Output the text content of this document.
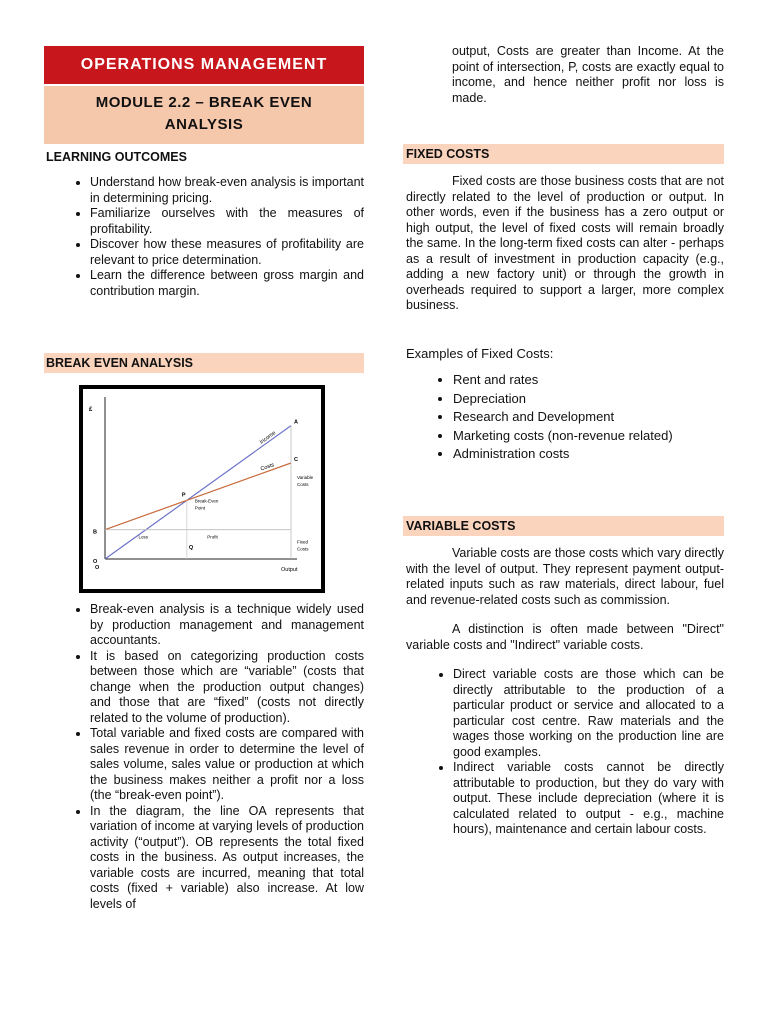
OPERATIONS MANAGEMENT
MODULE 2.2 – BREAK EVEN
ANALYSIS
LEARNING OUTCOMES
• Understand how break-even analysis is important in determining pricing.
• Familiarize ourselves with the measures of profitability.
• Discover how these measures of profitability are relevant to price determination.
• Learn the difference between gross margin and contribution margin.
BREAK EVEN ANALYSIS
£
Output
O
A
Income
B
C
Costs
P
Q
Break-Even
Point
Loss	Profit
Variable
Costs
Fixed
Costs
O
• Break-even analysis is a technique widely used by production management and management accountants.
• It is based on categorizing production costs between those which are “variable” (costs that change when the production output changes) and those that are “fixed” (costs not directly related to the volume of production).
• Total variable and fixed costs are compared with sales revenue in order to determine the level of sales volume, sales value or production at which the business makes neither a profit nor a loss (the “break-even point”).
• In the diagram, the line OA represents that variation of income at varying levels of production activity (“output”). OB represents the total fixed costs in the business. As output increases, the variable costs are incurred, meaning that total costs (fixed + variable) also increase. At low levels of

output, Costs are greater than Income. At the point of intersection, P, costs are exactly equal to income, and hence neither profit nor loss is made.

FIXED COSTS

Fixed costs are those business costs that are not directly related to the level of production or output. In other words, even if the business has a zero output or high output, the level of fixed costs will remain broadly the same. In the long-term fixed costs can alter - perhaps as a result of investment in production capacity (e.g., adding a new factory unit) or through the growth in overheads required to support a larger, more complex business.

Examples of Fixed Costs:

• Rent and rates
• Depreciation
• Research and Development
• Marketing costs (non-revenue related)
• Administration costs
VARIABLE COSTS

Variable costs are those costs which vary directly with the level of output. They represent payment output-related inputs such as raw materials, direct labour, fuel and revenue-related costs such as commission.

A distinction is often made between "Direct" variable costs and "Indirect" variable costs.

• Direct variable costs are those which can be directly attributable to the production of a particular product or service and allocated to a particular cost centre. Raw materials and the wages those working on the production line are good examples.
• Indirect variable costs cannot be directly attributable to production, but they do vary with output. These include depreciation (where it is calculated related to output - e.g., machine hours), maintenance and certain labour costs.
